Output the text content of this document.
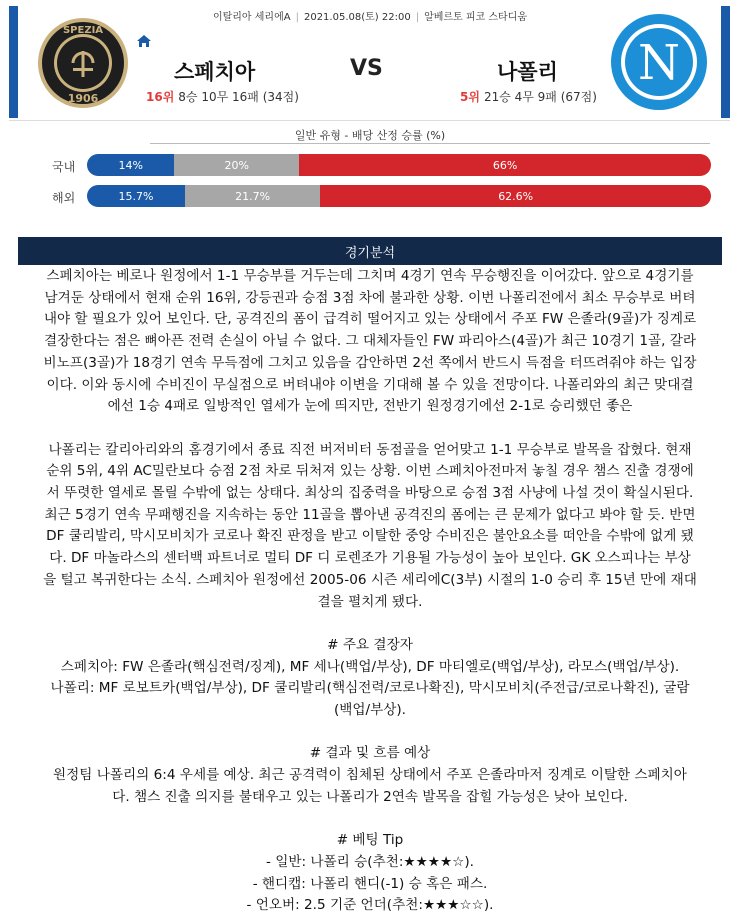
이탈리아 세리에A | 2021.05.08(토) 22:00 | 알베르토 피코 스타디움
SPEZIA
1906
스페치아	VS	나폴리
16위 8승 10무 16패 (34점)	5위 21승 4무 9패 (67점)
N
일반 유형 - 배당 산정 승률 (%)
국내	14%	20%	66%
해외	15.7%	21.7%	62.6%
경기분석

스페치아는 베로나 원정에서 1-1 무승부를 거두는데 그치며 4경기 연속 무승행진을 이어갔다. 앞으로 4경기를

남겨둔 상태에서 현재 순위 16위, 강등권과 승점 3점 차에 불과한 상황. 이번 나폴리전에서 최소 무승부로 버텨

내야 할 필요가 있어 보인다. 단, 공격진의 폼이 급격히 떨어지고 있는 상태에서 주포 FW 은졸라(9골)가 징계로

결장한다는 점은 뼈아픈 전력 손실이 아닐 수 없다. 그 대체자들인 FW 파리아스(4골)가 최근 10경기 1골, 갈라

비노프(3골)가 18경기 연속 무득점에 그치고 있음을 감안하면 2선 쪽에서 반드시 득점을 터뜨려줘야 하는 입장

이다. 이와 동시에 수비진이 무실점으로 버텨내야 이변을 기대해 볼 수 있을 전망이다. 나폴리와의 최근 맞대결

에선 1승 4패로 일방적인 열세가 눈에 띄지만, 전반기 원정경기에선 2-1로 승리했던 좋은

나폴리는 칼리아리와의 홈경기에서 종료 직전 버저비터 동점골을 얻어맞고 1-1 무승부로 발목을 잡혔다. 현재

순위 5위, 4위 AC밀란보다 승점 2점 차로 뒤처져 있는 상황. 이번 스페치아전마저 놓칠 경우 챔스 진출 경쟁에

서 뚜렷한 열세로 몰릴 수밖에 없는 상태다. 최상의 집중력을 바탕으로 승점 3점 사냥에 나설 것이 확실시된다.

최근 5경기 연속 무패행진을 지속하는 동안 11골을 뽑아낸 공격진의 폼에는 큰 문제가 없다고 봐야 할 듯. 반면

DF 쿨리발리, 막시모비치가 코로나 확진 판정을 받고 이탈한 중앙 수비진은 불안요소를 떠안을 수밖에 없게 됐

다. DF 마놀라스의 센터백 파트너로 멀티 DF 디 로렌조가 기용될 가능성이 높아 보인다. GK 오스피나는 부상

을 털고 복귀한다는 소식. 스페치아 원정에선 2005-06 시즌 세리에C(3부) 시절의 1-0 승리 후 15년 만에 재대

결을 펼치게 됐다.

# 주요 결장자

스페치아: FW 은졸라(핵심전력/징계), MF 세나(백업/부상), DF 마티엘로(백업/부상), 라모스(백업/부상).

나폴리: MF 로보트카(백업/부상), DF 쿨리발리(핵심전력/코로나확진), 막시모비치(주전급/코로나확진), 굴람

(백업/부상).

# 결과 및 흐름 예상

원정팀 나폴리의 6:4 우세를 예상. 최근 공격력이 침체된 상태에서 주포 은졸라마저 징계로 이탈한 스페치아

다. 챔스 진출 의지를 불태우고 있는 나폴리가 2연속 발목을 잡힐 가능성은 낮아 보인다.

# 베팅 Tip

- 일반: 나폴리 승(추천:★★★★☆).

- 핸디캡: 나폴리 핸디(-1) 승 혹은 패스.

- 언오버: 2.5 기준 언더(추천:★★★☆☆).
